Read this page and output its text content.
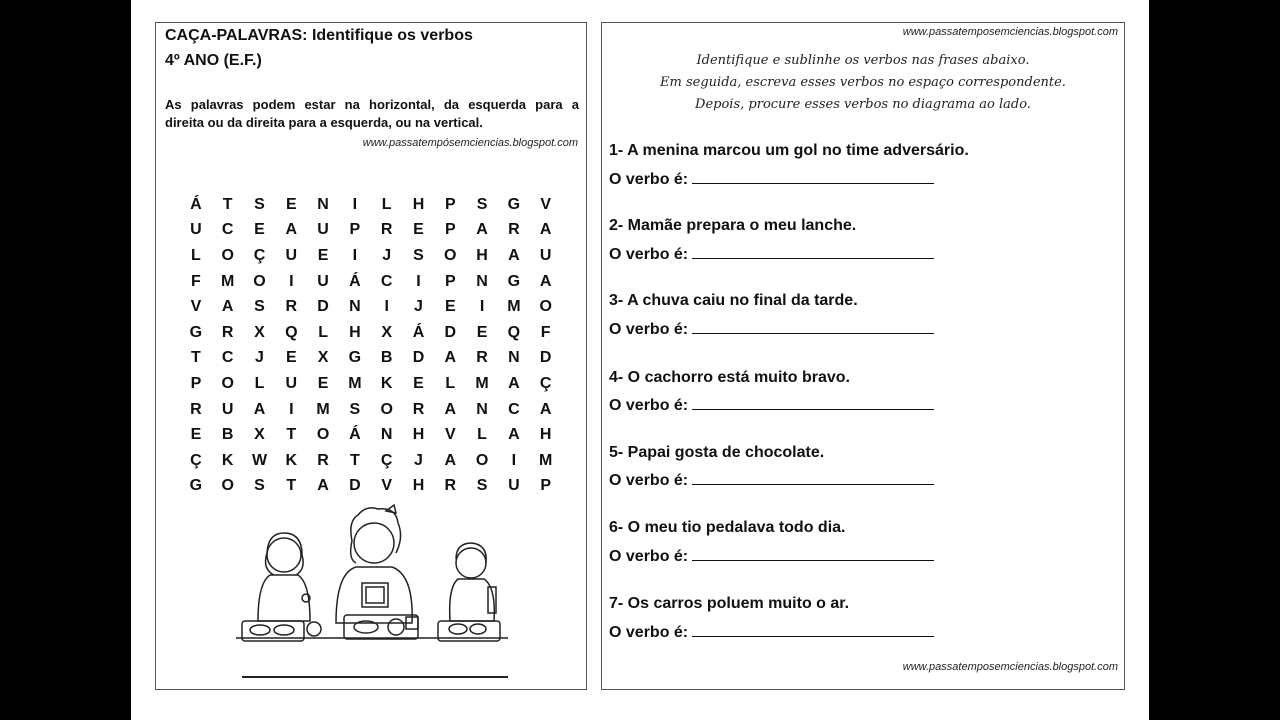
CAÇA-PALAVRAS: Identifique os verbos
4º ANO (E.F.)
As palavras podem estar na horizontal, da esquerda para a
direita ou da direita para a esquerda, ou na vertical.
www.passatempósemciencias.blogspot.com
Á	T	S	E	N	I	L	H	P	S	G	V
U	C	E	A	U	P	R	E	P	A	R	A
L	O	Ç	U	E	I	J	S	O	H	A	U
F	M	O	I	U	Á	C	I	P	N	G	A
V	A	S	R	D	N	I	J	E	I	M	O
G	R	X	Q	L	H	X	Á	D	E	Q	F
T	C	J	E	X	G	B	D	A	R	N	D
P	O	L	U	E	M	K	E	L	M	A	Ç
R	U	A	I	M	S	O	R	A	N	C	A
E	B	X	T	O	Á	N	H	V	L	A	H
Ç	K	W	K	R	T	Ç	J	A	O	I	M
G	O	S	T	A	D	V	H	R	S	U	P
www.passatemposemciencias.blogspot.com
Identifique e sublinhe os verbos nas frases abaixo.
Em seguida, escreva esses verbos no espaço correspondente.
Depois, procure esses verbos no diagrama ao lado.
1- A menina marcou um gol no time adversário.
O verbo é:
2- Mamãe prepara o meu lanche.
O verbo é:
3- A chuva caiu no final da tarde.
O verbo é:
4- O cachorro está muito bravo.
O verbo é:
5- Papai gosta de chocolate.
O verbo é:
6- O meu tio pedalava todo dia.
O verbo é:
7- Os carros poluem muito o ar.
O verbo é:
www.passatemposemciencias.blogspot.com
